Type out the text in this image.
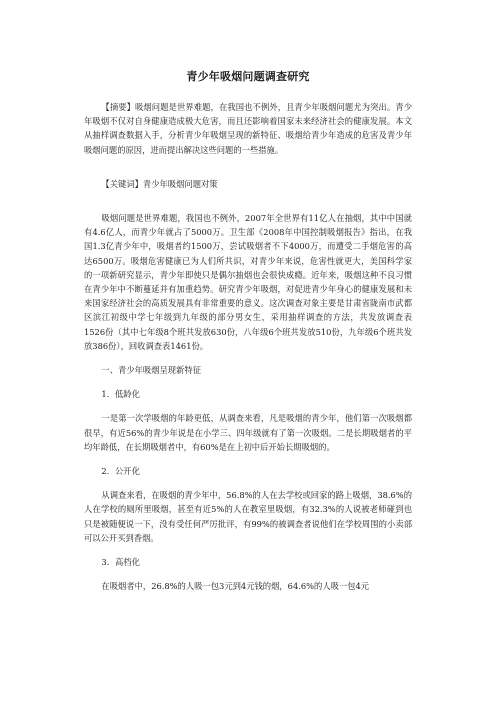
青少年吸烟问题调查研究

【摘要】吸烟问题是世界难题，在我国也不例外，且青少年吸烟问题尤为突出。青少年吸烟不仅对自身健康造成极大危害，而且还影响着国家未来经济社会的健康发展。本文从抽样调查数据入手，分析青少年吸烟呈现的新特征、吸烟给青少年造成的危害及青少年吸烟问题的原因，进而提出解决这些问题的一些措施。

【关键词】青少年吸烟问题对策

吸烟问题是世界难题，我国也不例外，2007年全世界有11亿人在抽烟，其中中国就有4.6亿人，而青少年就占了5000万。卫生部《2008年中国控制吸烟报告》指出，在我国1.3亿青少年中，吸烟者约1500万，尝试吸烟者不下4000万，而遭受二手烟危害的高达6500万。吸烟危害健康已为人们所共识，对青少年来说，危害性就更大，美国科学家的一项新研究显示，青少年即使只是偶尔抽烟也会很快成瘾。近年来，吸烟这种不良习惯在青少年中不断蔓延并有加重趋势。研究青少年吸烟，对促进青少年身心的健康发展和未来国家经济社会的高质发展具有非常重要的意义。这次调查对象主要是甘肃省陇南市武都区滨江初级中学七年级到九年级的部分男女生，采用抽样调查的方法，共发放调查表1526份（其中七年级8个班共发放630份，八年级6个班共发放510份，九年级6个班共发放386份），回收调查表1461份。

一、青少年吸烟呈现新特征

1．低龄化

一是第一次学吸烟的年龄更低，从调查来看，凡是吸烟的青少年，他们第一次吸烟都很早，有近56%的青少年说是在小学三、四年级就有了第一次吸烟。二是长期吸烟者的平均年龄低，在长期吸烟者中，有60%是在上初中后开始长期吸烟的。

2．公开化

从调查来看，在吸烟的青少年中，56.8%的人在去学校或回家的路上吸烟，38.6%的人在学校的厕所里吸烟，甚至有近5%的人在教室里吸烟，有32.3%的人说被老师碰到也只是被随便说一下，没有受任何严厉批评，有99%的被调查者说他们在学校周围的小卖部可以公开买到香烟。

3．高档化

在吸烟者中，26.8%的人吸一包3元到4元钱的烟，64.6%的人吸一包4元
